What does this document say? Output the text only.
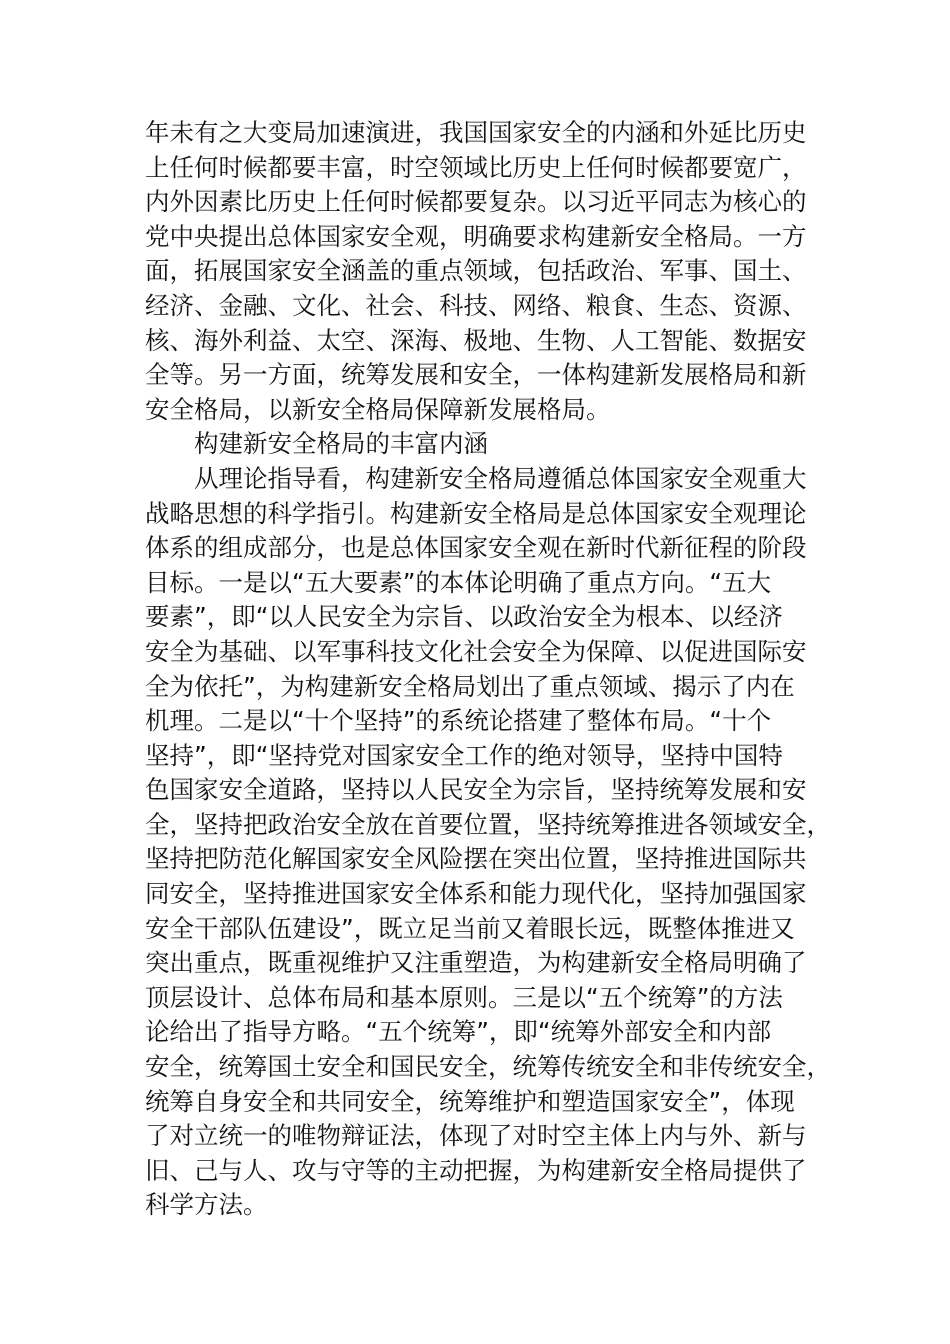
年未有之大变局加速演进，我国国家安全的内涵和外延比历史
上任何时候都要丰富，时空领域比历史上任何时候都要宽广，
内外因素比历史上任何时候都要复杂。以习近平同志为核心的
党中央提出总体国家安全观，明确要求构建新安全格局。一方
面，拓展国家安全涵盖的重点领域，包括政治、军事、国土、
经济、金融、文化、社会、科技、网络、粮食、生态、资源、
核、海外利益、太空、深海、极地、生物、人工智能、数据安
全等。另一方面，统筹发展和安全，一体构建新发展格局和新
安全格局，以新安全格局保障新发展格局。
构建新安全格局的丰富内涵
从理论指导看，构建新安全格局遵循总体国家安全观重大
战略思想的科学指引。构建新安全格局是总体国家安全观理论
体系的组成部分，也是总体国家安全观在新时代新征程的阶段
目标。一是以“五大要素”的本体论明确了重点方向。“五大
要素”，即“以人民安全为宗旨、以政治安全为根本、以经济
安全为基础、以军事科技文化社会安全为保障、以促进国际安
全为依托”，为构建新安全格局划出了重点领域、揭示了内在
机理。二是以“十个坚持”的系统论搭建了整体布局。“十个
坚持”，即“坚持党对国家安全工作的绝对领导，坚持中国特
色国家安全道路，坚持以人民安全为宗旨，坚持统筹发展和安
全，坚持把政治安全放在首要位置，坚持统筹推进各领域安全，
坚持把防范化解国家安全风险摆在突出位置，坚持推进国际共
同安全，坚持推进国家安全体系和能力现代化，坚持加强国家
安全干部队伍建设”，既立足当前又着眼长远，既整体推进又
突出重点，既重视维护又注重塑造，为构建新安全格局明确了
顶层设计、总体布局和基本原则。三是以“五个统筹”的方法
论给出了指导方略。“五个统筹”，即“统筹外部安全和内部
安全，统筹国土安全和国民安全，统筹传统安全和非传统安全，
统筹自身安全和共同安全，统筹维护和塑造国家安全”，体现
了对立统一的唯物辩证法，体现了对时空主体上内与外、新与
旧、己与人、攻与守等的主动把握，为构建新安全格局提供了
科学方法。
